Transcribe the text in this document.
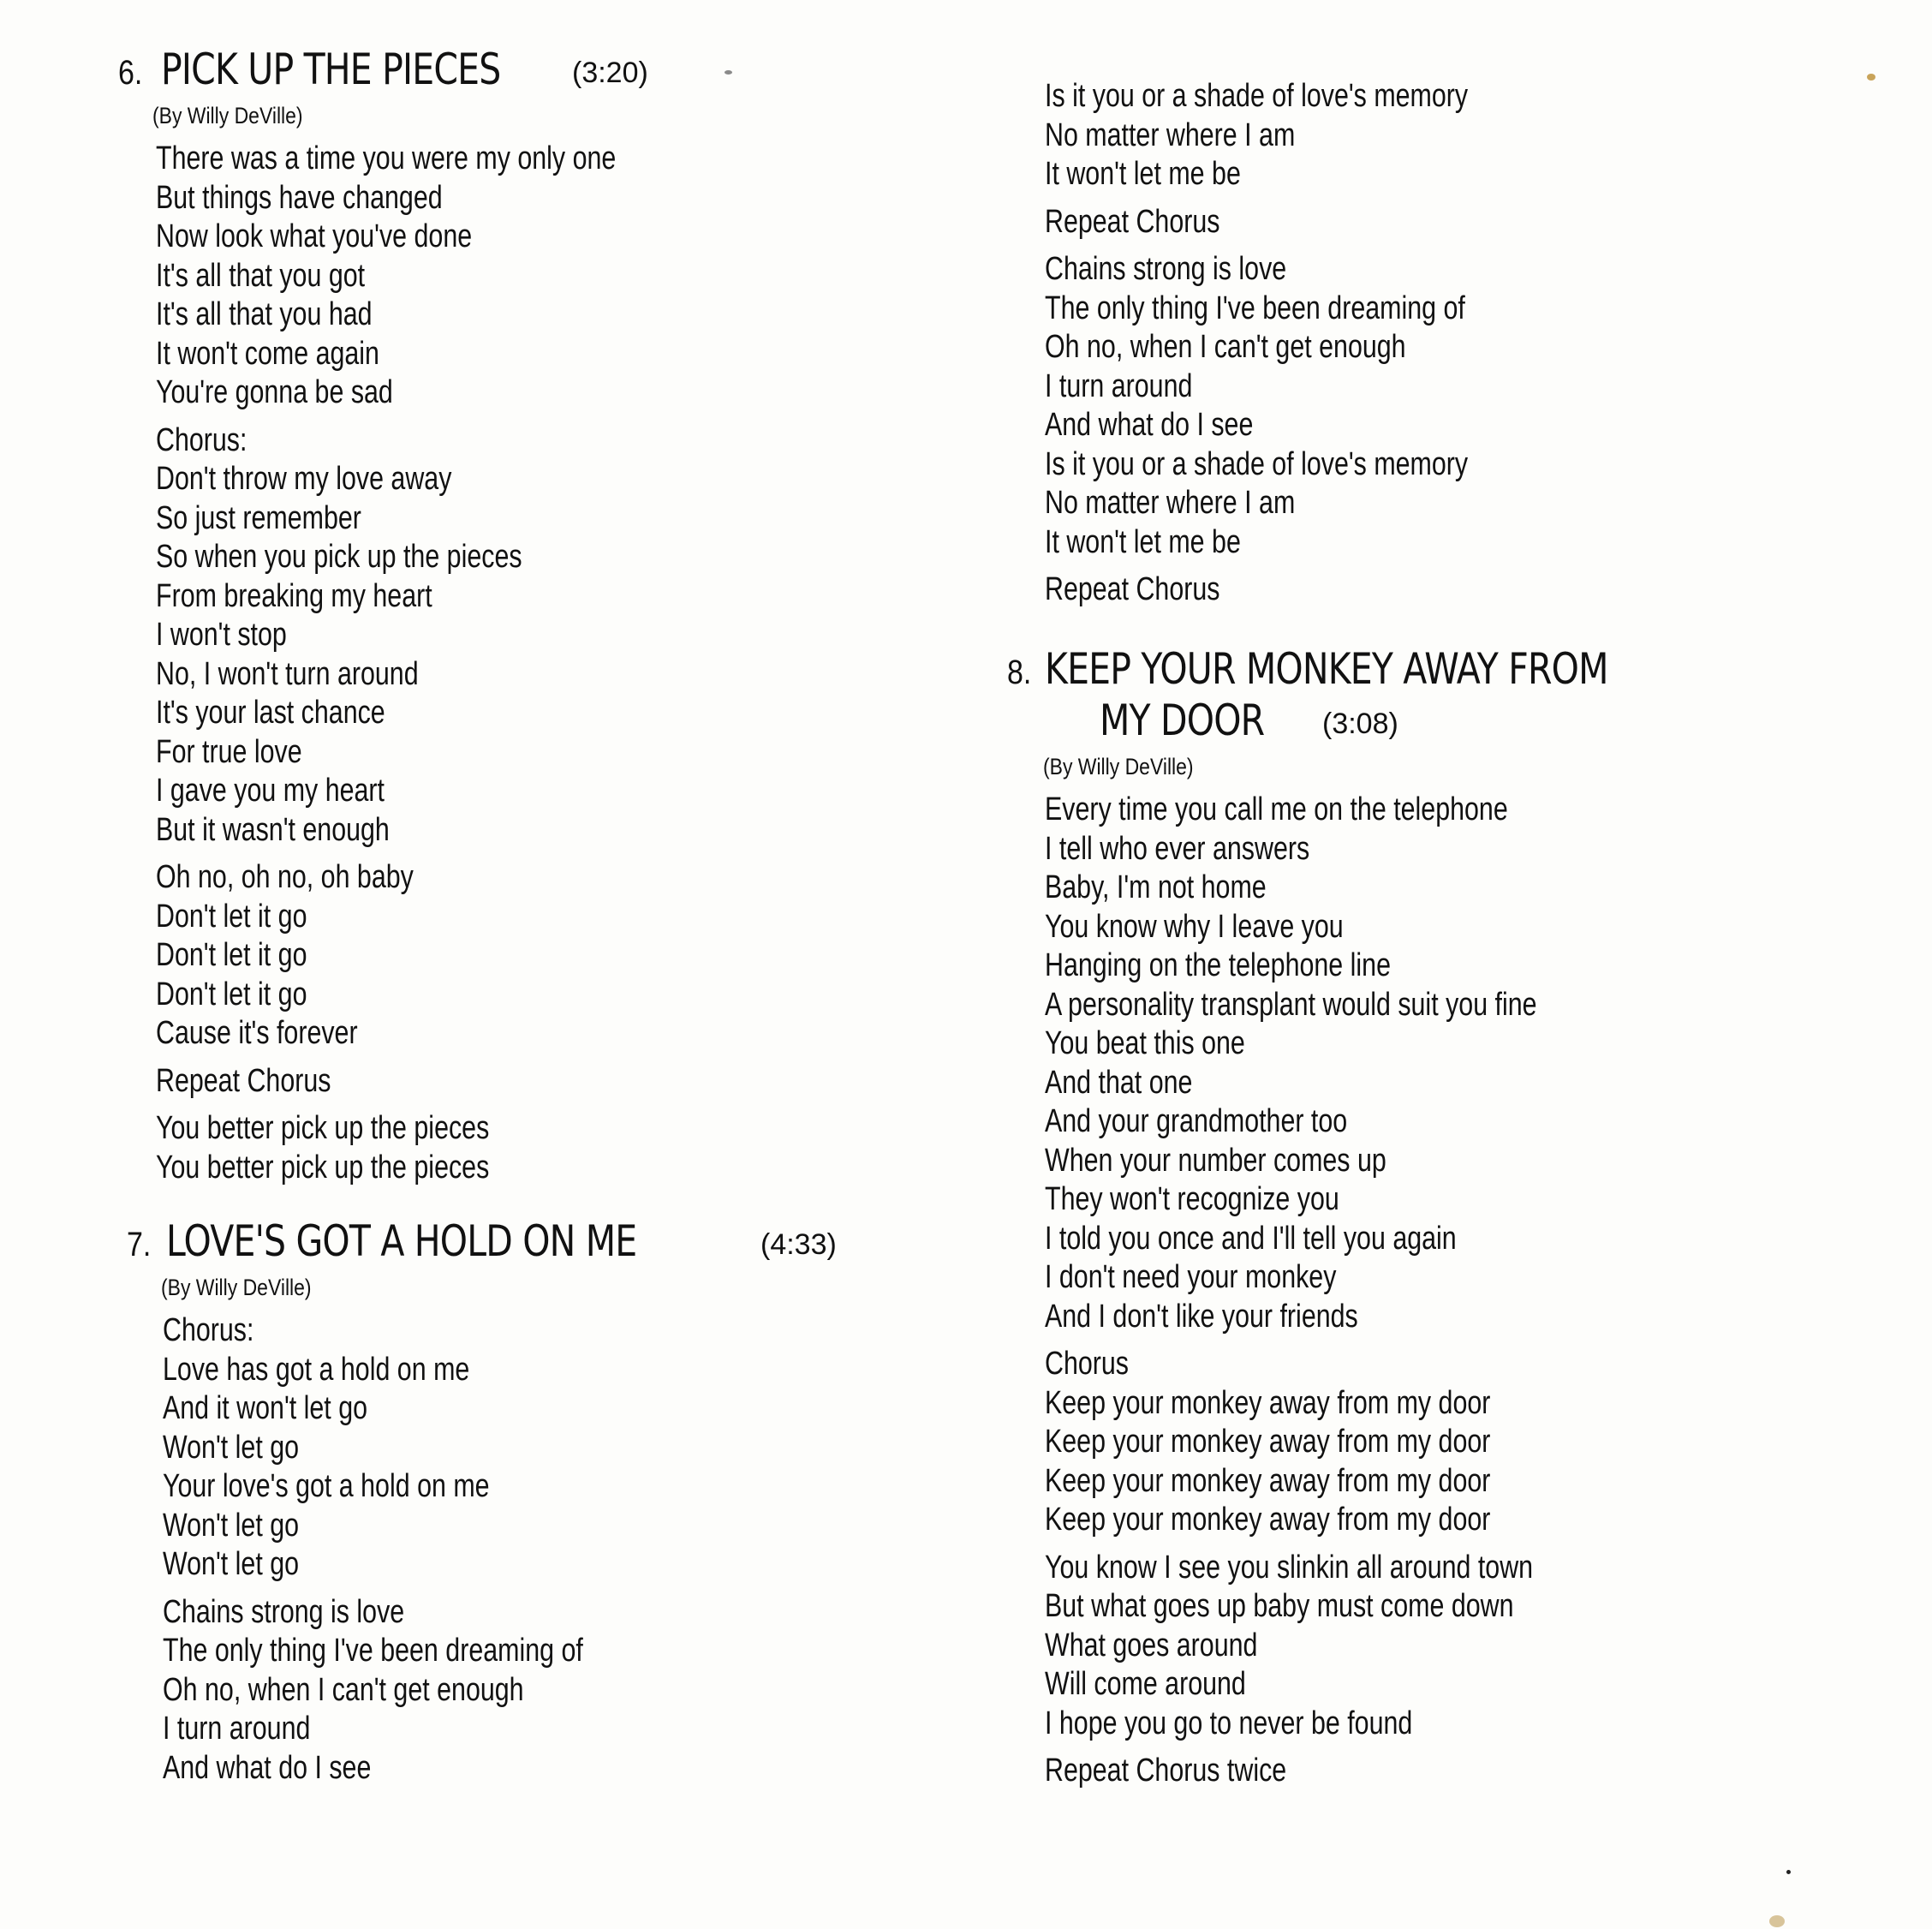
6. PICK UP THE PIECES (3:20)
(By Willy DeVille)
There was a time you were my only one
But things have changed
Now look what you've done
It's all that you got
It's all that you had
It won't come again
You're gonna be sad
Chorus:
Don't throw my love away
So just remember
So when you pick up the pieces
From breaking my heart
I won't stop
No, I won't turn around
It's your last chance
For true love
I gave you my heart
But it wasn't enough
Oh no, oh no, oh baby
Don't let it go
Don't let it go
Don't let it go
Cause it's forever
Repeat Chorus
You better pick up the pieces
You better pick up the pieces
7. LOVE'S GOT A HOLD ON ME	(4:33)
(By Willy DeVille)
Chorus:
Love has got a hold on me
And it won't let go
Won't let go
Your love's got a hold on me
Won't let go
Won't let go
Chains strong is love
The only thing I've been dreaming of
Oh no, when I can't get enough
I turn around
And what do I see
Is it you or a shade of love's memory
No matter where I am
It won't let me be
Repeat Chorus
Chains strong is love
The only thing I've been dreaming of
Oh no, when I can't get enough
I turn around
And what do I see
Is it you or a shade of love's memory
No matter where I am
It won't let me be
Repeat Chorus
8. KEEP YOUR MONKEY AWAY FROM
MY DOOR (3:08)
(By Willy DeVille)
Every time you call me on the telephone
I tell who ever answers
Baby, I'm not home
You know why I leave you
Hanging on the telephone line
A personality transplant would suit you fine
You beat this one
And that one
And your grandmother too
When your number comes up
They won't recognize you
I told you once and I'll tell you again
I don't need your monkey
And I don't like your friends
Chorus
Keep your monkey away from my door
Keep your monkey away from my door
Keep your monkey away from my door
Keep your monkey away from my door
You know I see you slinkin all around town
But what goes up baby must come down
What goes around
Will come around
I hope you go to never be found
Repeat Chorus twice
